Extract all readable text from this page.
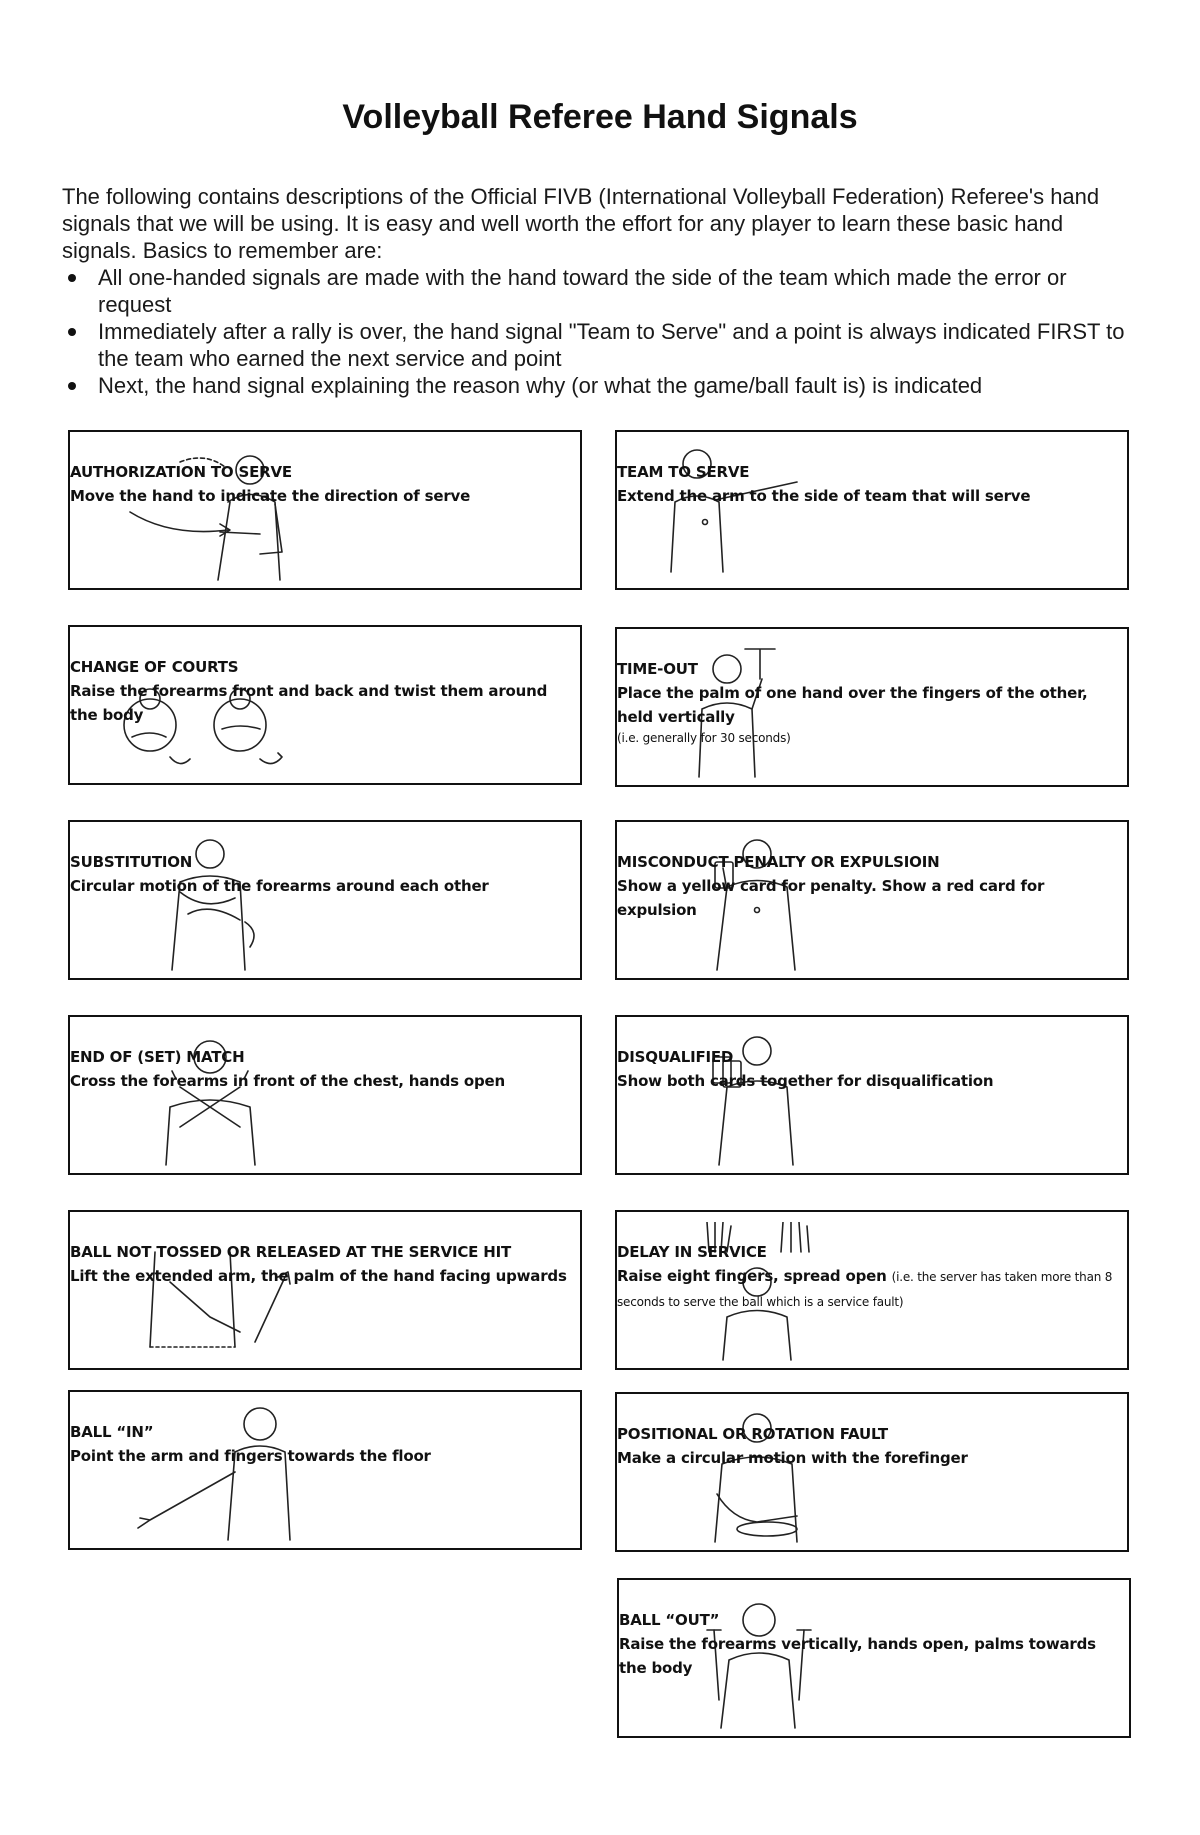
Volleyball Referee Hand Signals

The following contains descriptions of the Official FIVB (International Volleyball Federation) Referee's hand signals that we will be using. It is easy and well worth the effort for any player to learn these basic hand signals. Basics to remember are:

All one-handed signals are made with the hand toward the side of the team which made the error or request
Immediately after a rally is over, the hand signal "Team to Serve" and a point is always indicated FIRST to the team who earned the next service and point
Next, the hand signal explaining the reason why (or what the game/ball fault is) is indicated
AUTHORIZATION TO SERVE
Move the hand to indicate the direction of serve
CHANGE OF COURTS
Raise the forearms front and back and twist them around the body
SUBSTITUTION
Circular motion of the forearms around each other
END OF (SET) MATCH
Cross the forearms in front of the chest, hands open
BALL NOT TOSSED OR RELEASED AT THE SERVICE HIT
Lift the extended arm, the palm of the hand facing upwards
BALL “IN”
Point the arm and fingers towards the floor
TEAM TO SERVE
Extend the arm to the side of team that will serve
TIME-OUT
Place the palm of one hand over the fingers of the other, held vertically
(i.e. generally for 30 seconds)
MISCONDUCT PENALTY OR EXPULSIOIN
Show a yellow card for penalty. Show a red card for expulsion
DISQUALIFIED
Show both cards together for disqualification
DELAY IN SERVICE
Raise eight fingers, spread open (i.e. the server has taken more than 8 seconds to serve the ball which is a service fault)
POSITIONAL OR ROTATION FAULT
Make a circular motion with the forefinger
BALL “OUT”
Raise the forearms vertically, hands open, palms towards the body
